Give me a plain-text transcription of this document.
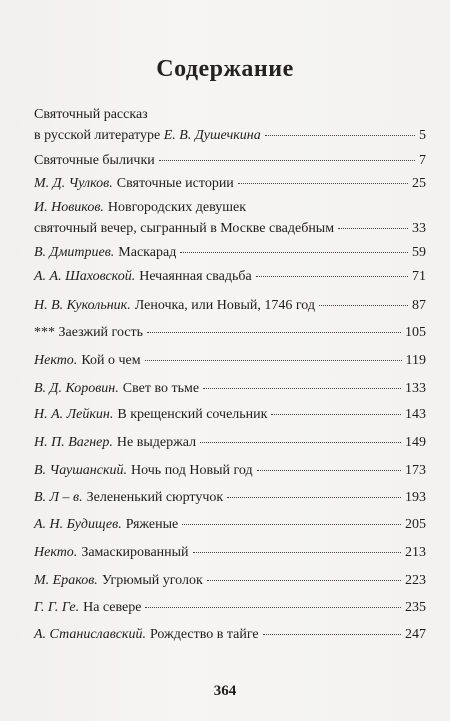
Содержание
Святочный рассказ
в русской литературе Е. В. Душечкина	5
Святочные былички	7
М. Д. Чулков. Святочные истории	25
И. Новиков. Новгородских девушек
святочный вечер, сыгранный в Москве свадебным	33
В. Дмитриев. Маскарад	59
А. А. Шаховской. Нечаянная свадьба	71
Н. В. Кукольник. Леночка, или Новый, 1746 год	87
*** Заезжий гость	105
Некто. Кой о чем	119
В. Д. Коровин. Свет во тьме	133
Н. А. Лейкин. В крещенский сочельник	143
Н. П. Вагнер. Не выдержал	149
В. Чаушанский. Ночь под Новый год	173
В. Л – в. Зелененький сюртучок	193
А. Н. Будищев. Ряженые	205
Некто. Замаскированный	213
М. Ераков. Угрюмый уголок	223
Г. Г. Ге. На севере	235
А. Станиславский. Рождество в тайге	247
364
